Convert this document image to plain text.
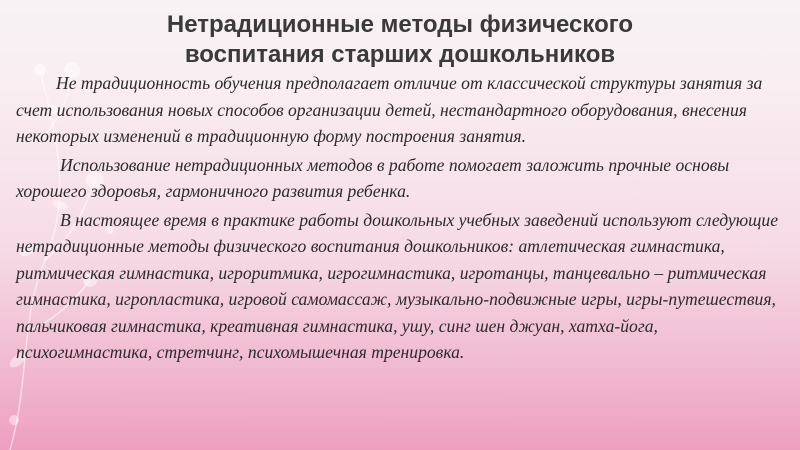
Нетрадиционные методы физического
воспитания старших дошкольников

Не традиционность обучения предполагает отличие от классической структуры занятия за счет использования новых способов организации детей, нестандартного оборудования, внесения некоторых изменений в традиционную форму построения занятия.

Использование нетрадиционных методов в работе помогает заложить прочные основы хорошего здоровья, гармоничного развития ребенка.

В настоящее время в практике работы дошкольных учебных заведений используют следующие нетрадиционные методы физического воспитания дошкольников: атлетическая гимнастика, ритмическая гимнастика, игроритмика, игрогимнастика, игротанцы, танцевально – ритмическая гимнастика, игропластика, игровой самомассаж, музыкально-подвижные игры, игры-путешествия, пальчиковая гимнастика, креативная гимнастика, ушу, синг шен джуан, хатха-йога, психогимнастика, стретчинг, психомышечная тренировка.
